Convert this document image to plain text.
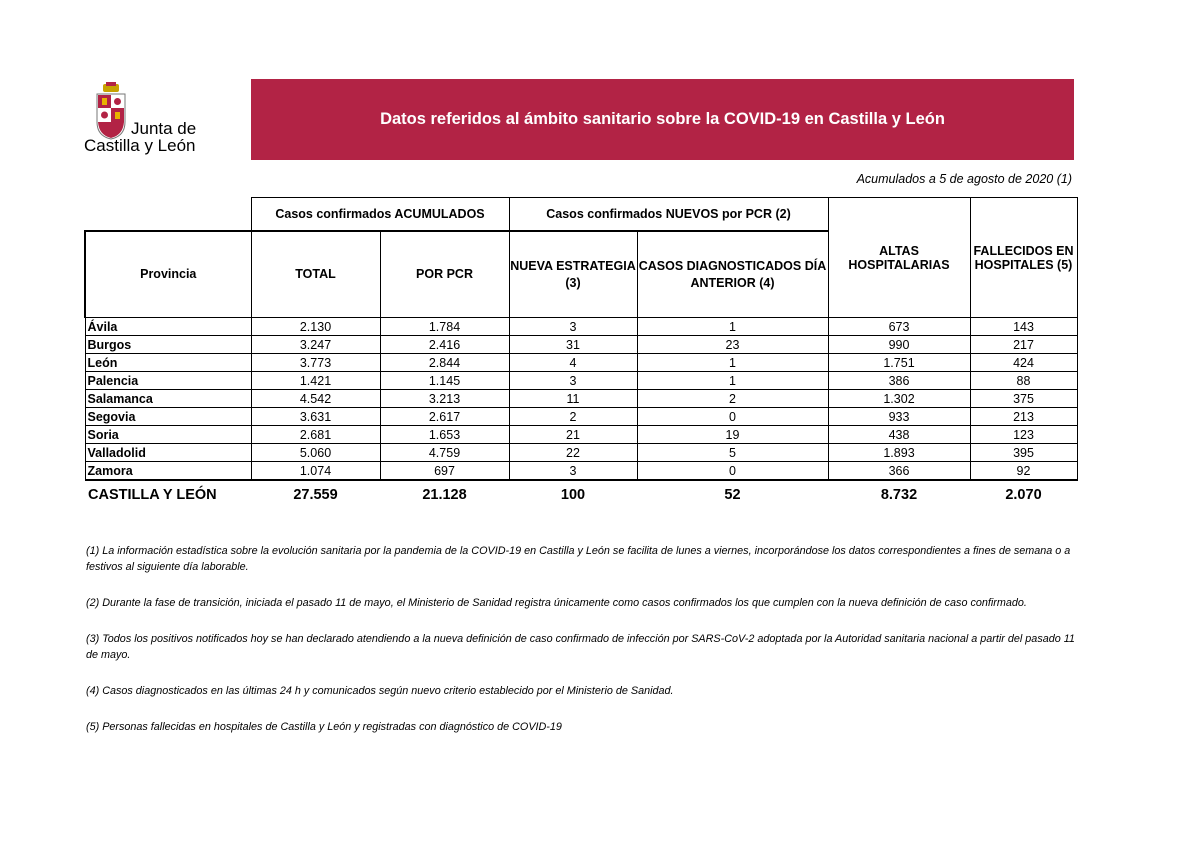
Junta de
Castilla y León
Datos referidos al ámbito sanitario sobre la COVID-19 en Castilla y León
Acumulados a 5 de agosto de 2020 (1)
	Casos confirmados ACUMULADOS		Casos confirmados NUEVOS por PCR (2)		ALTAS HOSPITALARIAS	FALLECIDOS EN HOSPITALES (5)
Provincia	TOTAL	POR PCR	NUEVA ESTRATEGIA (3)	CASOS DIAGNOSTICADOS DÍA ANTERIOR (4)		
Ávila	2.130	1.784	3	1	673	143
Burgos	3.247	2.416	31	23	990	217
León	3.773	2.844	4	1	1.751	424
Palencia	1.421	1.145	3	1	386	88
Salamanca	4.542	3.213	11	2	1.302	375
Segovia	3.631	2.617	2	0	933	213
Soria	2.681	1.653	21	19	438	123
Valladolid	5.060	4.759	22	5	1.893	395
Zamora	1.074	697	3	0	366	92
CASTILLA Y LEÓN	27.559	21.128	100	52	8.732	2.070

(1) La información estadística sobre la evolución sanitaria por la pandemia de la COVID-19 en Castilla y León se facilita de lunes a viernes, incorporándose los datos correspondientes a fines de semana o a festivos al siguiente día laborable.

(2) Durante la fase de transición, iniciada el pasado 11 de mayo, el Ministerio de Sanidad registra únicamente como casos confirmados los que cumplen con la nueva definición de caso confirmado.

(3) Todos los positivos notificados hoy se han declarado atendiendo a la nueva definición de caso confirmado de infección por SARS-CoV-2 adoptada por la Autoridad sanitaria nacional a partir del pasado 11 de mayo.

(4) Casos diagnosticados en las últimas 24 h y comunicados según nuevo criterio establecido por el Ministerio de Sanidad.

(5) Personas fallecidas en hospitales de Castilla y León y registradas con diagnóstico de COVID-19
